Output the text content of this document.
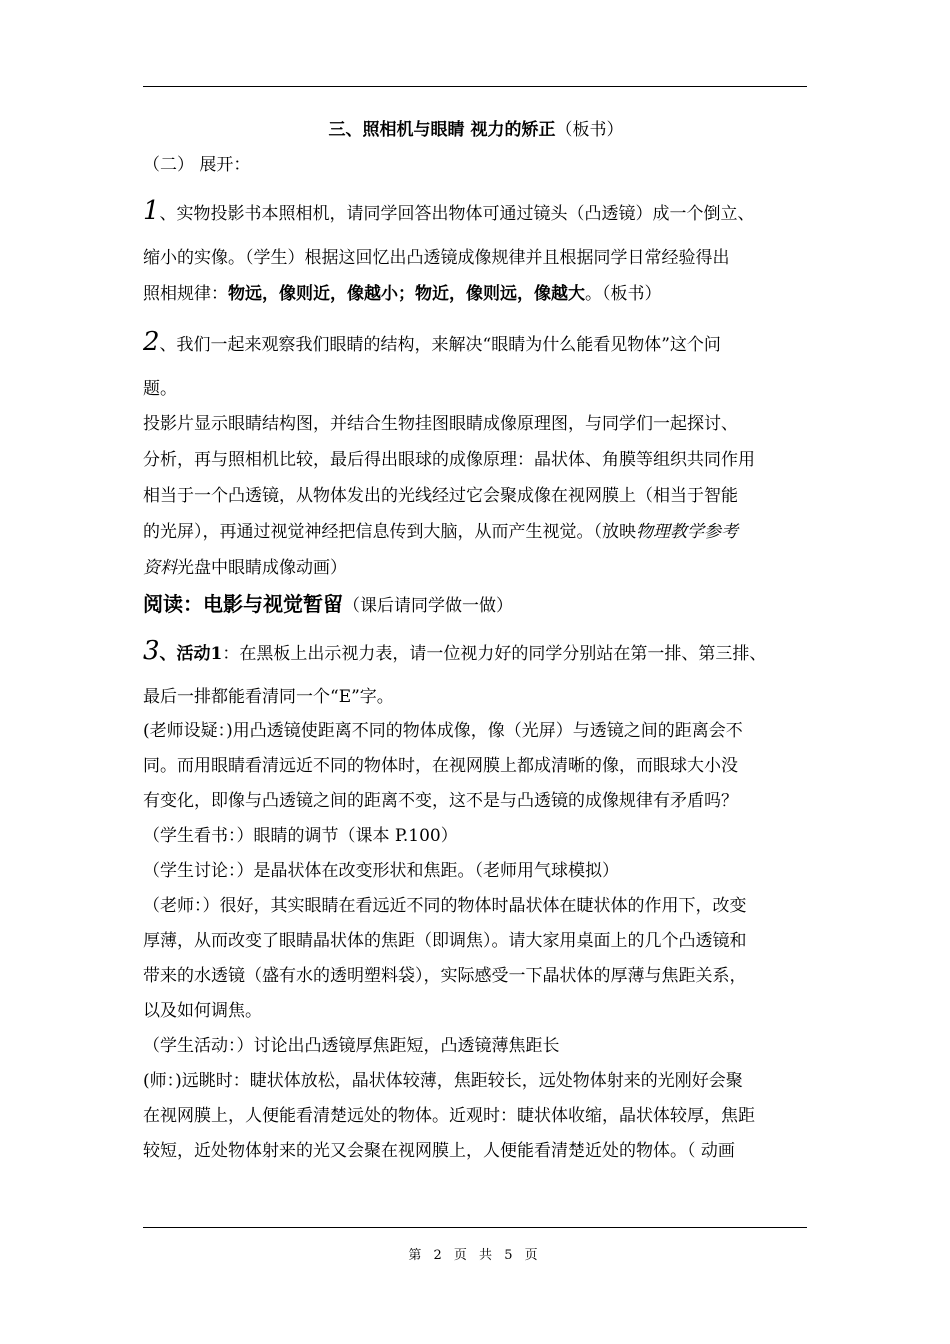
三、照相机与眼睛 视力的矫正（板书）
（二） 展开：
1、实物投影书本照相机，请同学回答出物体可通过镜头（凸透镜）成一个倒立、
缩小的实像。（学生）根据这回忆出凸透镜成像规律并且根据同学日常经验得出
照相规律：物远，像则近，像越小；物近，像则远，像越大。（板书）
2、我们一起来观察我们眼睛的结构，来解决“眼睛为什么能看见物体”这个问
题。
投影片显示眼睛结构图，并结合生物挂图眼睛成像原理图，与同学们一起探讨、
分析，再与照相机比较，最后得出眼球的成像原理：晶状体、角膜等组织共同作用
相当于一个凸透镜，从物体发出的光线经过它会聚成像在视网膜上（相当于智能
的光屏），再通过视觉神经把信息传到大脑，从而产生视觉。（放映物理教学参考
资料光盘中眼睛成像动画）
阅读：电影与视觉暂留（课后请同学做一做）
3、活动1：在黑板上出示视力表，请一位视力好的同学分别站在第一排、第三排、
最后一排都能看清同一个“E”字。
(老师设疑：)用凸透镜使距离不同的物体成像，像（光屏）与透镜之间的距离会不
同。而用眼睛看清远近不同的物体时，在视网膜上都成清晰的像，而眼球大小没
有变化，即像与凸透镜之间的距离不变，这不是与凸透镜的成像规律有矛盾吗？
（学生看书：）眼睛的调节（课本 P.100）
（学生讨论：）是晶状体在改变形状和焦距。（老师用气球模拟）
（老师：）很好，其实眼睛在看远近不同的物体时晶状体在睫状体的作用下，改变
厚薄，从而改变了眼睛晶状体的焦距（即调焦）。请大家用桌面上的几个凸透镜和
带来的水透镜（盛有水的透明塑料袋），实际感受一下晶状体的厚薄与焦距关系，
以及如何调焦。
（学生活动：）讨论出凸透镜厚焦距短，凸透镜薄焦距长
(师：)远眺时：睫状体放松，晶状体较薄，焦距较长，远处物体射来的光刚好会聚
在视网膜上，人便能看清楚远处的物体。近观时：睫状体收缩，晶状体较厚，焦距
较短，近处物体射来的光又会聚在视网膜上，人便能看清楚近处的物体。（ 动画
第 2 页 共 5 页
